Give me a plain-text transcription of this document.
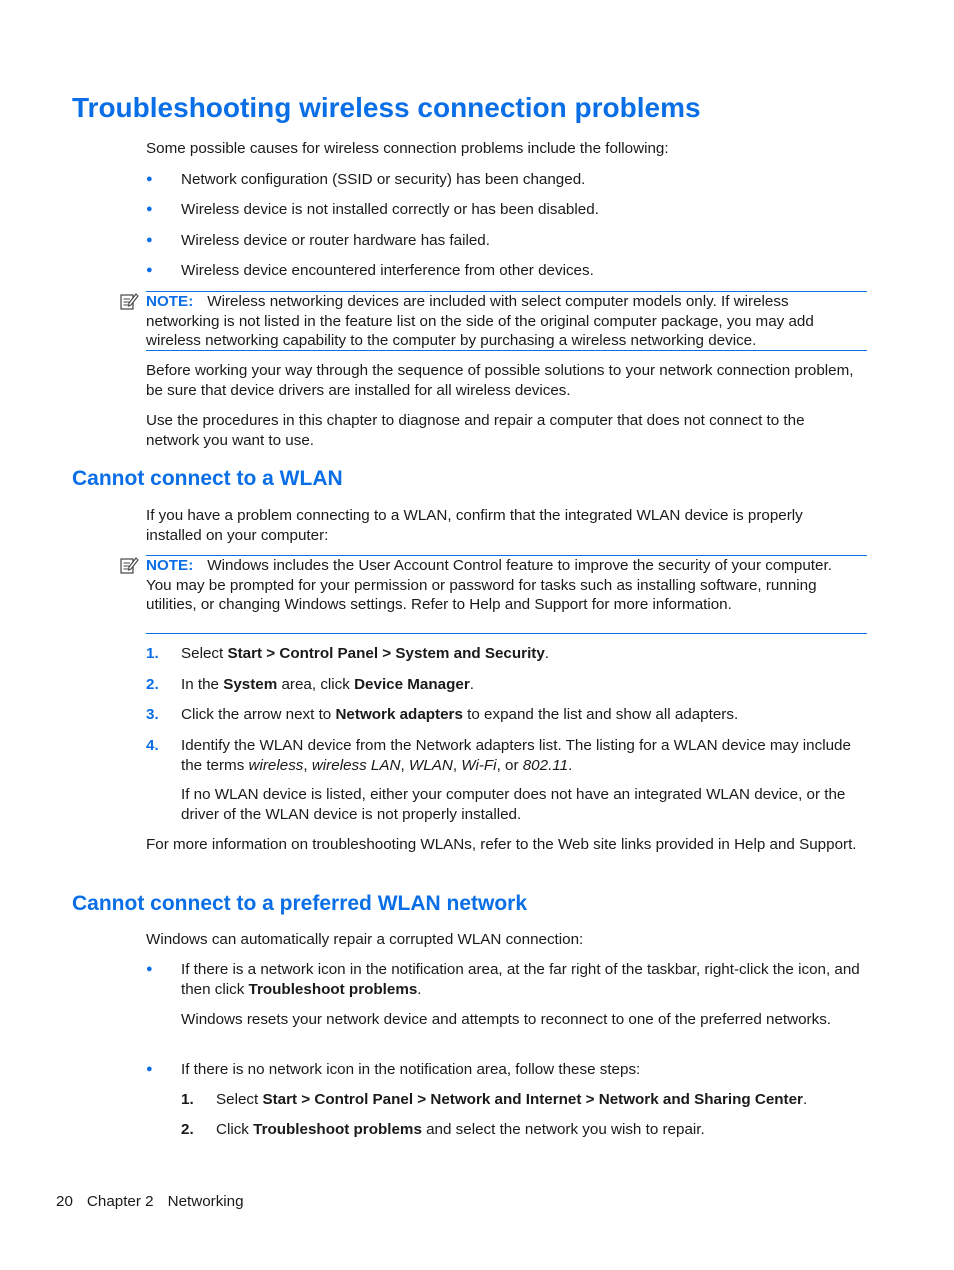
Troubleshooting wireless connection problems
Some possible causes for wireless connection problems include the following:
● Network configuration (SSID or security) has been changed.
● Wireless device is not installed correctly or has been disabled.
● Wireless device or router hardware has failed.
● Wireless device encountered interference from other devices.
NOTE: Wireless networking devices are included with select computer models only. If wireless networking is not listed in the feature list on the side of the original computer package, you may add wireless networking capability to the computer by purchasing a wireless networking device.
Before working your way through the sequence of possible solutions to your network connection problem, be sure that device drivers are installed for all wireless devices.
Use the procedures in this chapter to diagnose and repair a computer that does not connect to the network you want to use.
Cannot connect to a WLAN
If you have a problem connecting to a WLAN, confirm that the integrated WLAN device is properly installed on your computer:
NOTE: Windows includes the User Account Control feature to improve the security of your computer. You may be prompted for your permission or password for tasks such as installing software, running utilities, or changing Windows settings. Refer to Help and Support for more information.
1. Select Start > Control Panel > System and Security.
2. In the System area, click Device Manager.
3. Click the arrow next to Network adapters to expand the list and show all adapters.
4. Identify the WLAN device from the Network adapters list. The listing for a WLAN device may include the terms wireless, wireless LAN, WLAN, Wi-Fi, or 802.11.
If no WLAN device is listed, either your computer does not have an integrated WLAN device, or the driver of the WLAN device is not properly installed.
For more information on troubleshooting WLANs, refer to the Web site links provided in Help and Support.
Cannot connect to a preferred WLAN network
Windows can automatically repair a corrupted WLAN connection:
● If there is a network icon in the notification area, at the far right of the taskbar, right-click the icon, and then click Troubleshoot problems.
Windows resets your network device and attempts to reconnect to one of the preferred networks.
● If there is no network icon in the notification area, follow these steps:
1. Select Start > Control Panel > Network and Internet > Network and Sharing Center.
2. Click Troubleshoot problems and select the network you wish to repair.
20 Chapter 2 Networking
